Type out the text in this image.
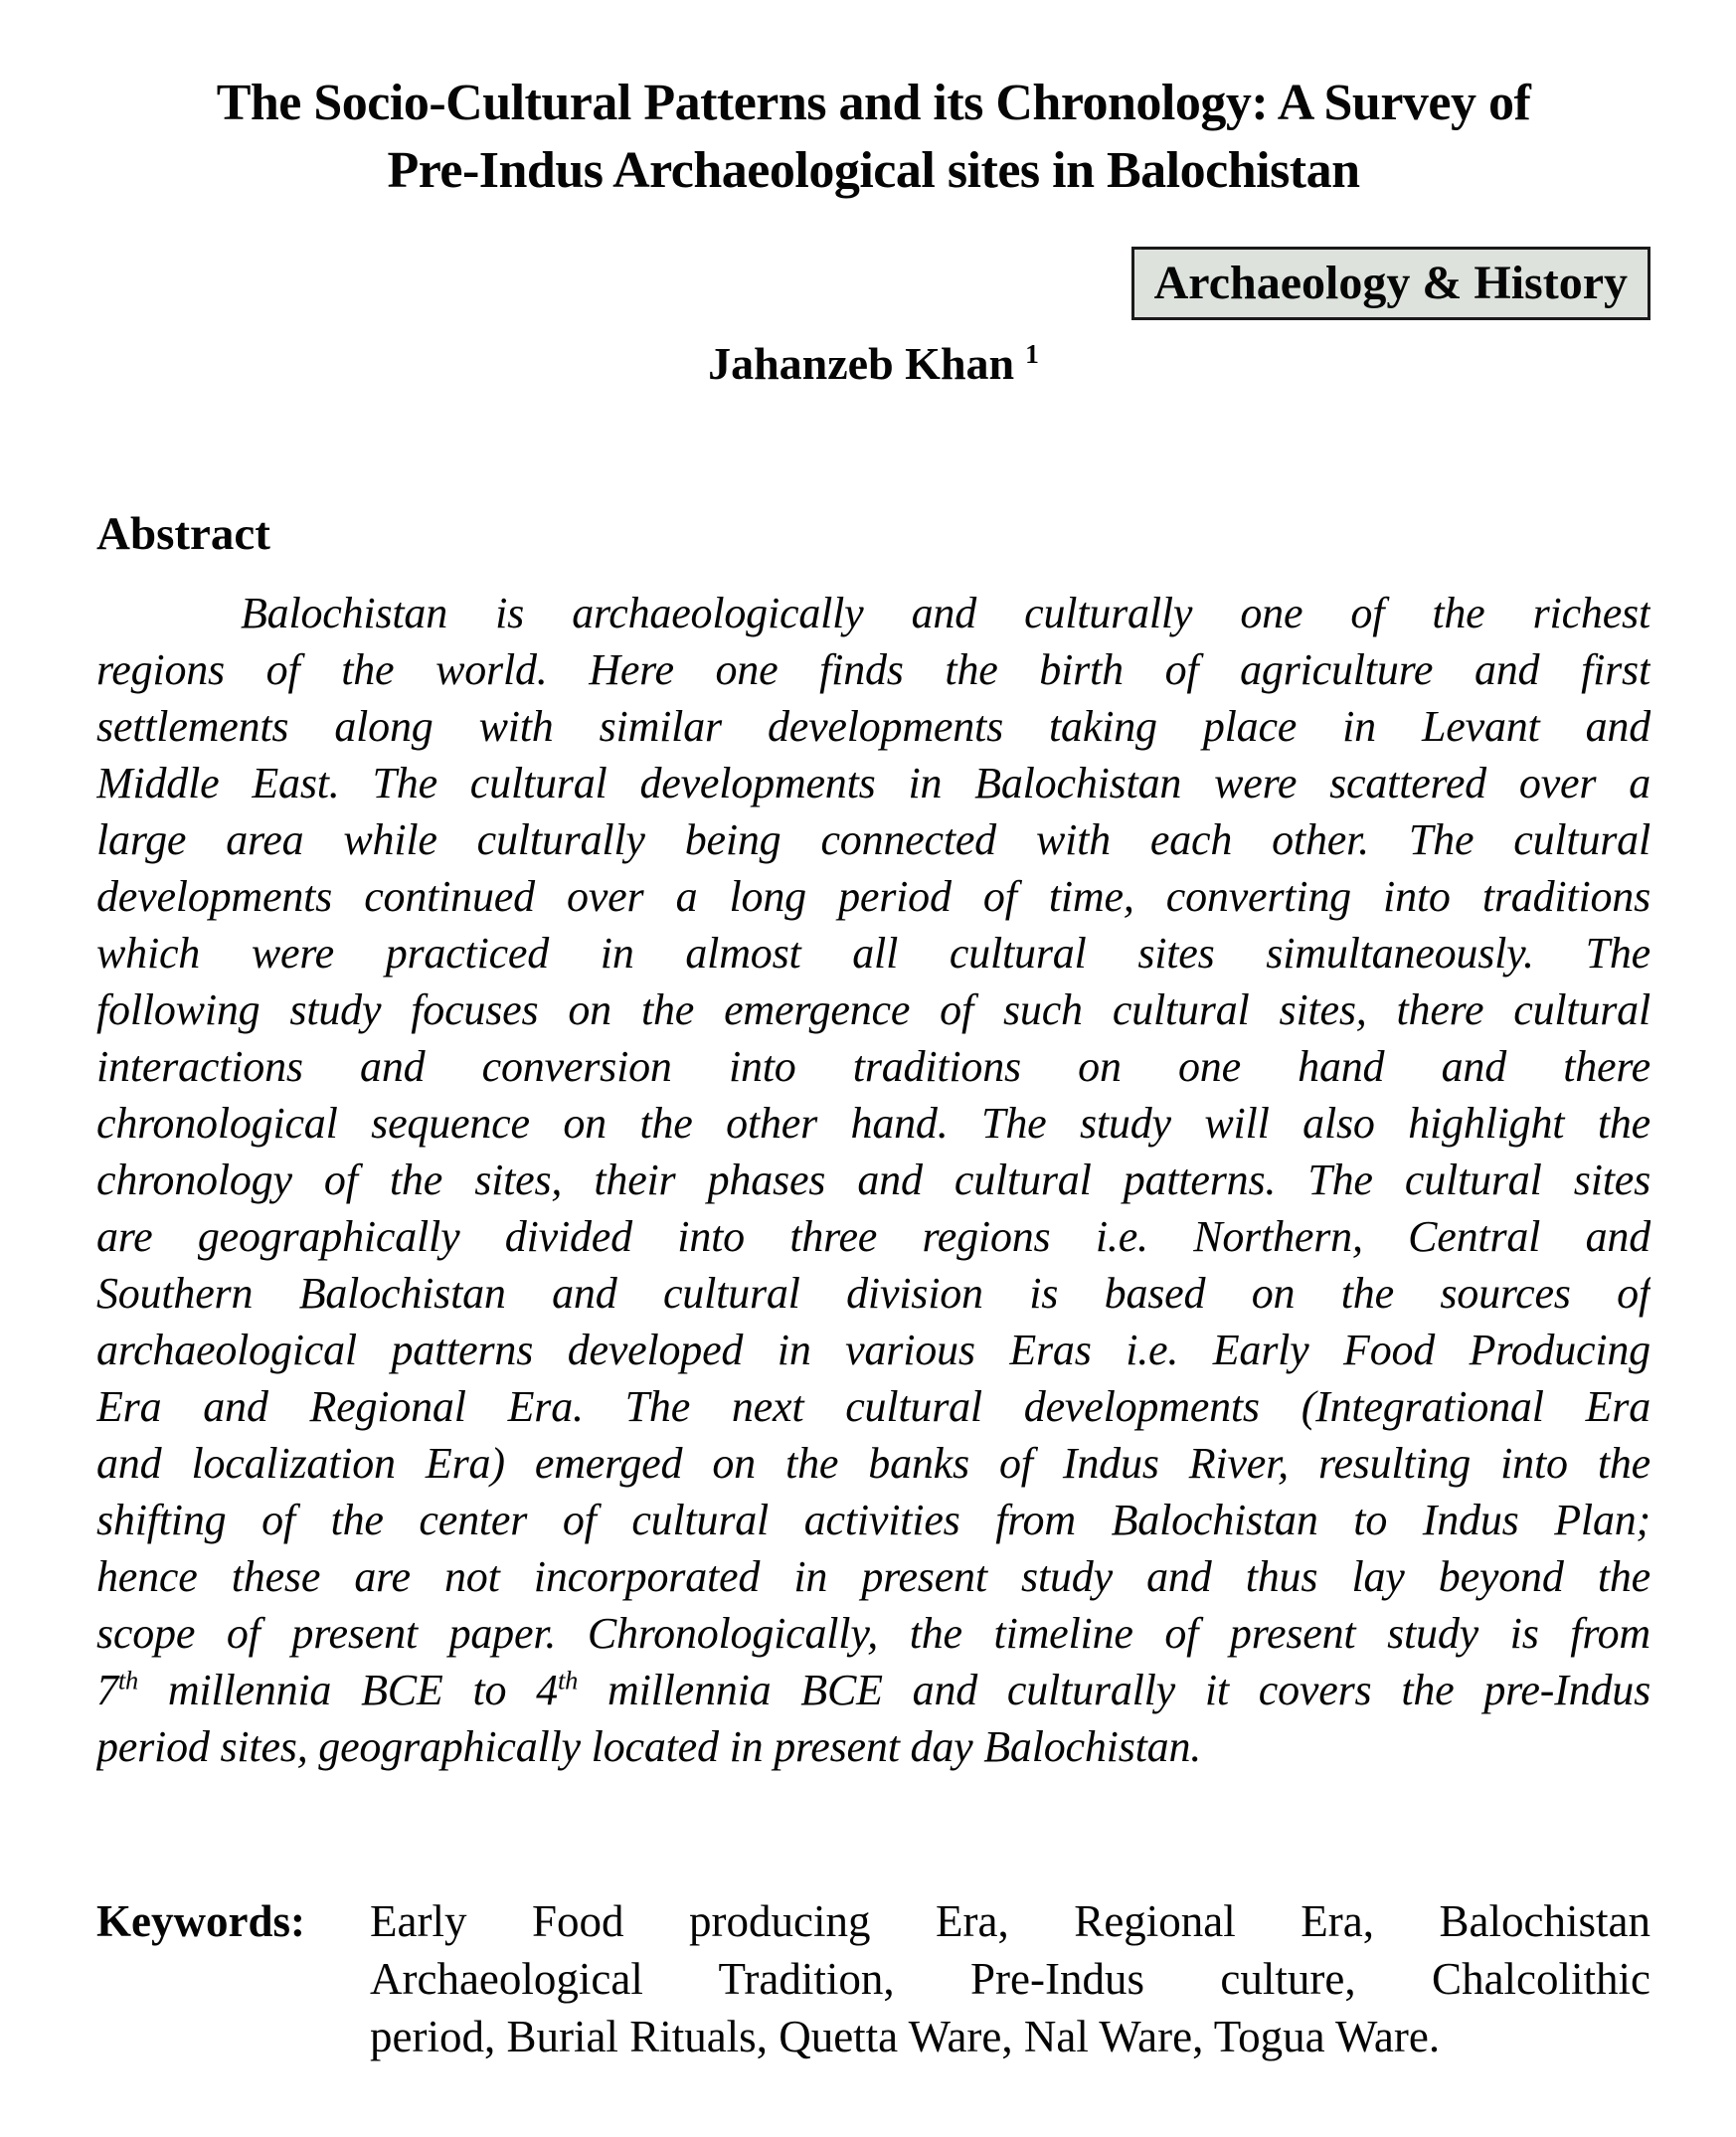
The Socio-Cultural Patterns and its Chronology: A Survey of
Pre-Indus Archaeological sites in Balochistan
Archaeology & History
Jahanzeb Khan $^1$
Abstract
Balochistan is archaeologically and culturally one of the richest
regions of the world. Here one finds the birth of agriculture and first
settlements along with similar developments taking place in Levant and
Middle East. The cultural developments in Balochistan were scattered over a
large area while culturally being connected with each other. The cultural
developments continued over a long period of time, converting into traditions
which were practiced in almost all cultural sites simultaneously. The
following study focuses on the emergence of such cultural sites, there cultural
interactions and conversion into traditions on one hand and there
chronological sequence on the other hand. The study will also highlight the
chronology of the sites, their phases and cultural patterns. The cultural sites
are geographically divided into three regions i.e. Northern, Central and
Southern Balochistan and cultural division is based on the sources of
archaeological patterns developed in various Eras i.e. Early Food Producing
Era and Regional Era. The next cultural developments (Integrational Era
and localization Era) emerged on the banks of Indus River, resulting into the
shifting of the center of cultural activities from Balochistan to Indus Plan;
hence these are not incorporated in present study and thus lay beyond the
scope of present paper. Chronologically, the timeline of present study is from
7th millennia BCE to 4th millennia BCE and culturally it covers the pre-Indus
period sites, geographically located in present day Balochistan.
Keywords:	Early Food producing Era, Regional Era, Balochistan
Archaeological Tradition, Pre-Indus culture, Chalcolithic
period, Burial Rituals, Quetta Ware, Nal Ware, Togua Ware.
